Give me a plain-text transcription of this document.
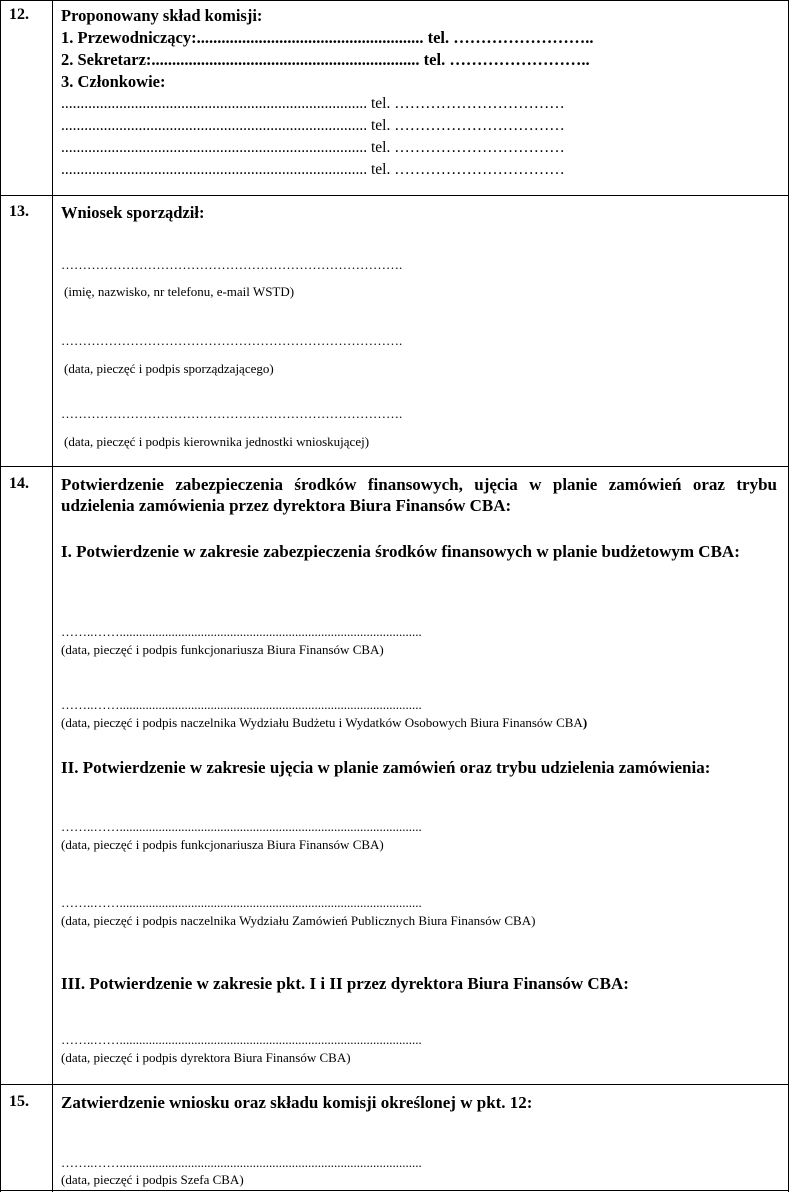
12. Proponowany skład komisji:
1. Przewodniczący:....................................................... tel. ……………………..
2. Sekretarz:................................................................. tel. ……………………..
3. Członkowie:
............................................................................... tel. ……………………………
............................................................................... tel. ……………………………
............................................................................... tel. ……………………………
............................................................................... tel. ……………………………
13. Wniosek sporządził:
…………………………………………………………………….
(imię, nazwisko, nr telefonu, e-mail WSTD)
…………………………………………………………………….
(data, pieczęć i podpis sporządzającego)
…………………………………………………………………….
(data, pieczęć i podpis kierownika jednostki wnioskującej)
14. Potwierdzenie zabezpieczenia środków finansowych, ujęcia w planie zamówień oraz trybu udzielenia zamówienia przez dyrektora Biura Finansów CBA:
I. Potwierdzenie w zakresie zabezpieczenia środków finansowych w planie budżetowym CBA:
……..…….............................................................................................
(data, pieczęć i podpis funkcjonariusza Biura Finansów CBA)
……..…….............................................................................................
(data, pieczęć i podpis naczelnika Wydziału Budżetu i Wydatków Osobowych Biura Finansów CBA)
II. Potwierdzenie w zakresie ujęcia w planie zamówień oraz trybu udzielenia zamówienia:
……..…….............................................................................................
(data, pieczęć i podpis funkcjonariusza Biura Finansów CBA)
……..…….............................................................................................
(data, pieczęć i podpis naczelnika Wydziału Zamówień Publicznych Biura Finansów CBA)
III. Potwierdzenie w zakresie pkt. I i II przez dyrektora Biura Finansów CBA:
……..…….............................................................................................
(data, pieczęć i podpis dyrektora Biura Finansów CBA)
15. Zatwierdzenie wniosku oraz składu komisji określonej w pkt. 12:
……..…….............................................................................................
(data, pieczęć i podpis Szefa CBA)
